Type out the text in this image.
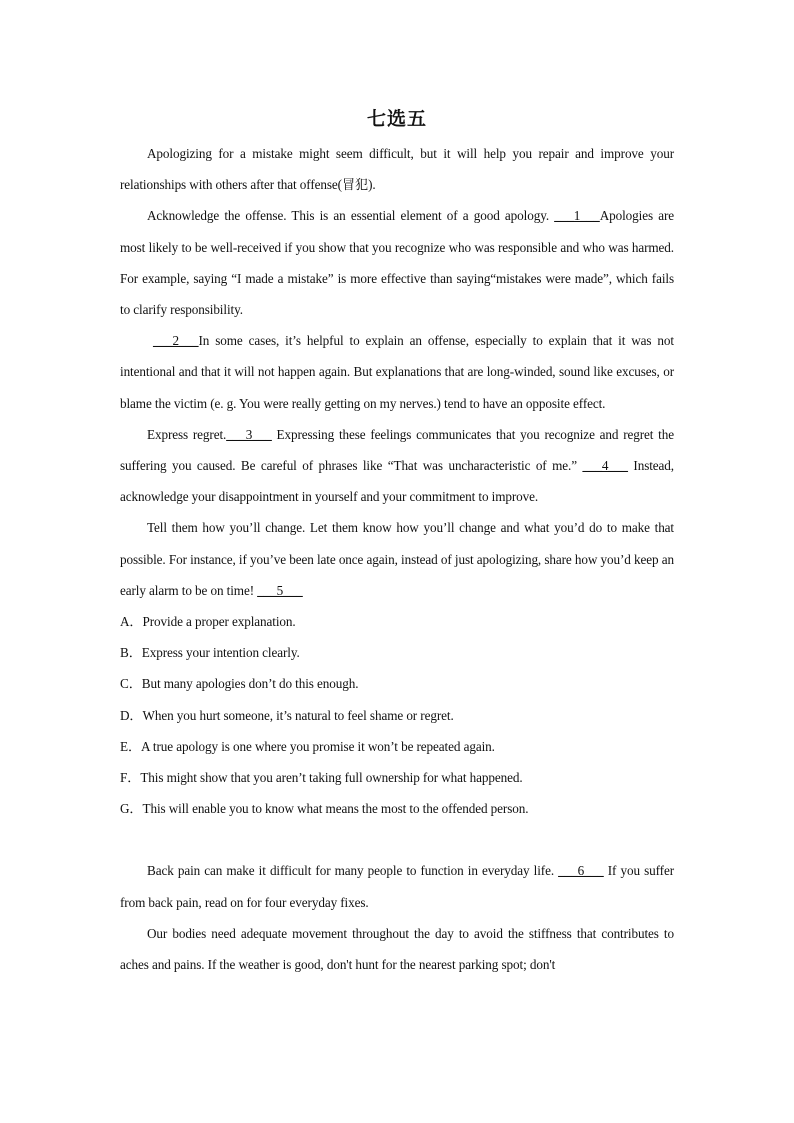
七选五

Apologizing for a mistake might seem difficult, but it will help you repair and improve your relationships with others after that offense(冒犯).

Acknowledge the offense. This is an essential element of a good apology. ___1___Apologies are most likely to be well-received if you show that you recognize who was responsible and who was harmed. For example, saying “I made a mistake” is more effective than saying“mistakes were made”, which fails to clarify responsibility.

___2___In some cases, it’s helpful to explain an offense, especially to explain that it was not intentional and that it will not happen again. But explanations that are long-winded, sound like excuses, or blame the victim (e. g. You were really getting on my nerves.) tend to have an opposite effect.

Express regret.___3___ Expressing these feelings communicates that you recognize and regret the suffering you caused. Be careful of phrases like “That was uncharacteristic of me.” ___4___ Instead, acknowledge your disappointment in yourself and your commitment to improve.

Tell them how you’ll change. Let them know how you’ll change and what you’d do to make that possible. For instance, if you’ve been late once again, instead of just apologizing, share how you’d keep an early alarm to be on time! ___5___

A．Provide a proper explanation.

B．Express your intention clearly.

C．But many apologies don’t do this enough.

D．When you hurt someone, it’s natural to feel shame or regret.

E．A true apology is one where you promise it won’t be repeated again.

F．This might show that you aren’t taking full ownership for what happened.

G．This will enable you to know what means the most to the offended person.

Back pain can make it difficult for many people to function in everyday life. ___6___ If you suffer from back pain, read on for four everyday fixes.

Our bodies need adequate movement throughout the day to avoid the stiffness that contributes to aches and pains. If the weather is good, don't hunt for the nearest parking spot; don't
